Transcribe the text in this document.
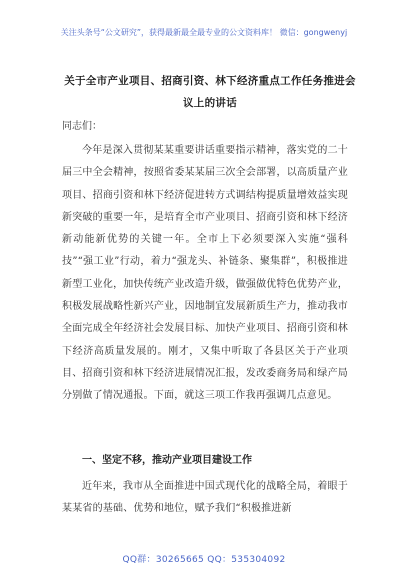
关注头条号“公文研究”，获得最新最全最专业的公文资料库！ 微信：gongwenyj
关于全市产业项目、招商引资、林下经济重点工作任务推进会议上的讲话
同志们：
今年是深入贯彻某某重要讲话重要指示精神，落实党的二十届三中全会精神，按照省委某某届三次全会部署，以高质量产业项目、招商引资和林下经济促进转方式调结构提质量增效益实现新突破的重要一年，是培育全市产业项目、招商引资和林下经济新动能新优势的关键一年。全市上下必须要深入实施“强科技”“强工业”行动，着力“强龙头、补链条、聚集群”，积极推进新型工业化，加快传统产业改造升级，做强做优特色优势产业，积极发展战略性新兴产业，因地制宜发展新质生产力，推动我市全面完成全年经济社会发展目标、加快产业项目、招商引资和林下经济高质量发展的。刚才，又集中听取了各县区关于产业项目、招商引资和林下经济进展情况汇报，发改委商务局和绿产局分别做了情况通报。下面，就这三项工作我再强调几点意见。
一、坚定不移，推动产业项目建设工作
近年来，我市从全面推进中国式现代化的战略全局，着眼于某某省的基础、优势和地位，赋予我们“积极推进新
QQ群：30265665 QQ：535304092
